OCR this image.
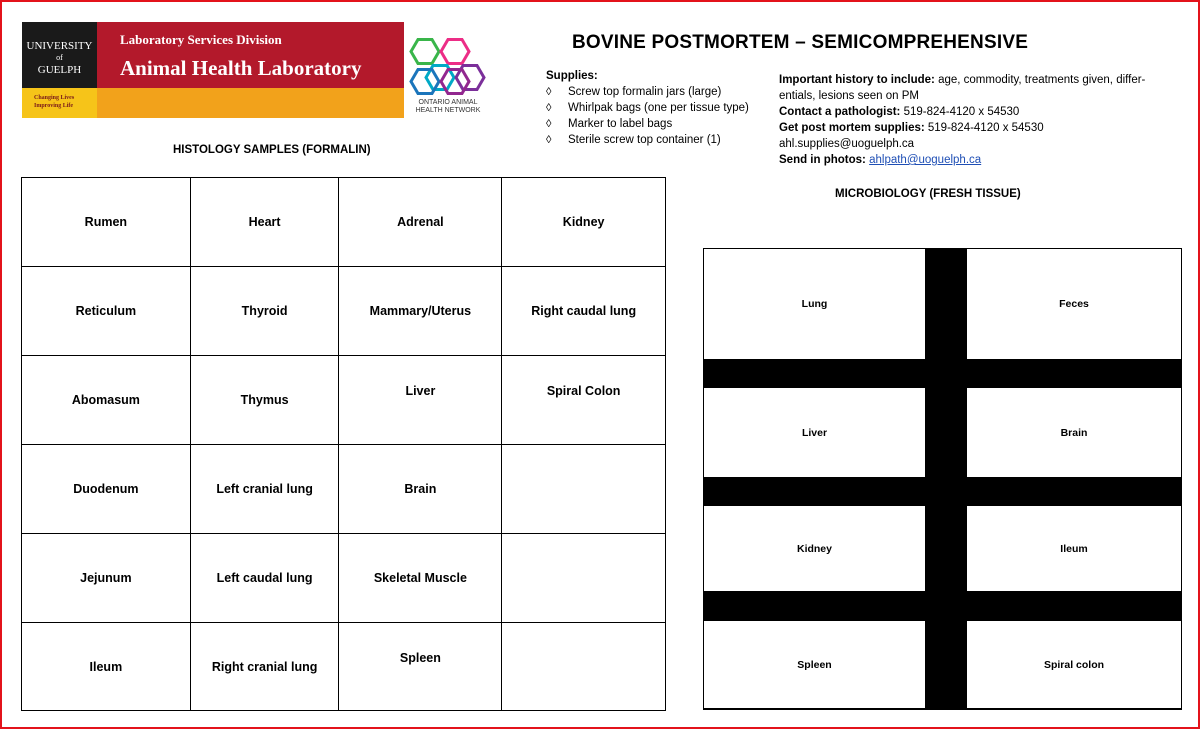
UNIVERSITY
of
GUELPH
Laboratory Services Division
Animal Health Laboratory
Changing Lives
Improving Life	ONTARIO ANIMAL
HEALTH NETWORK
BOVINE POSTMORTEM – SEMICOMPREHENSIVE
Supplies:
◊ Screw top formalin jars (large)
◊ Whirlpak bags (one per tissue type)
◊ Marker to label bags
◊ Sterile screw top container (1)
Important history to include: age, commodity, treatments given, differ-
entials, lesions seen on PM
Contact a pathologist: 519-824-4120 x 54530
Get post mortem supplies: 519-824-4120 x 54530
ahl.supplies@uoguelph.ca
Send in photos: ahlpath@uoguelph.ca
HISTOLOGY SAMPLES (FORMALIN)
MICROBIOLOGY (FRESH TISSUE)
Rumen	Heart	Adrenal	Kidney
Reticulum	Thyroid	Mammary/Uterus	Right caudal lung
Abomasum	Thymus	Liver	Spiral Colon
Duodenum	Left cranial lung	Brain	
Jejunum	Left caudal lung	Skeletal Muscle	
Ileum	Right cranial lung	Spleen	
Lung	Feces
Liver	Brain
Kidney	Ileum
Spleen	Spiral colon
